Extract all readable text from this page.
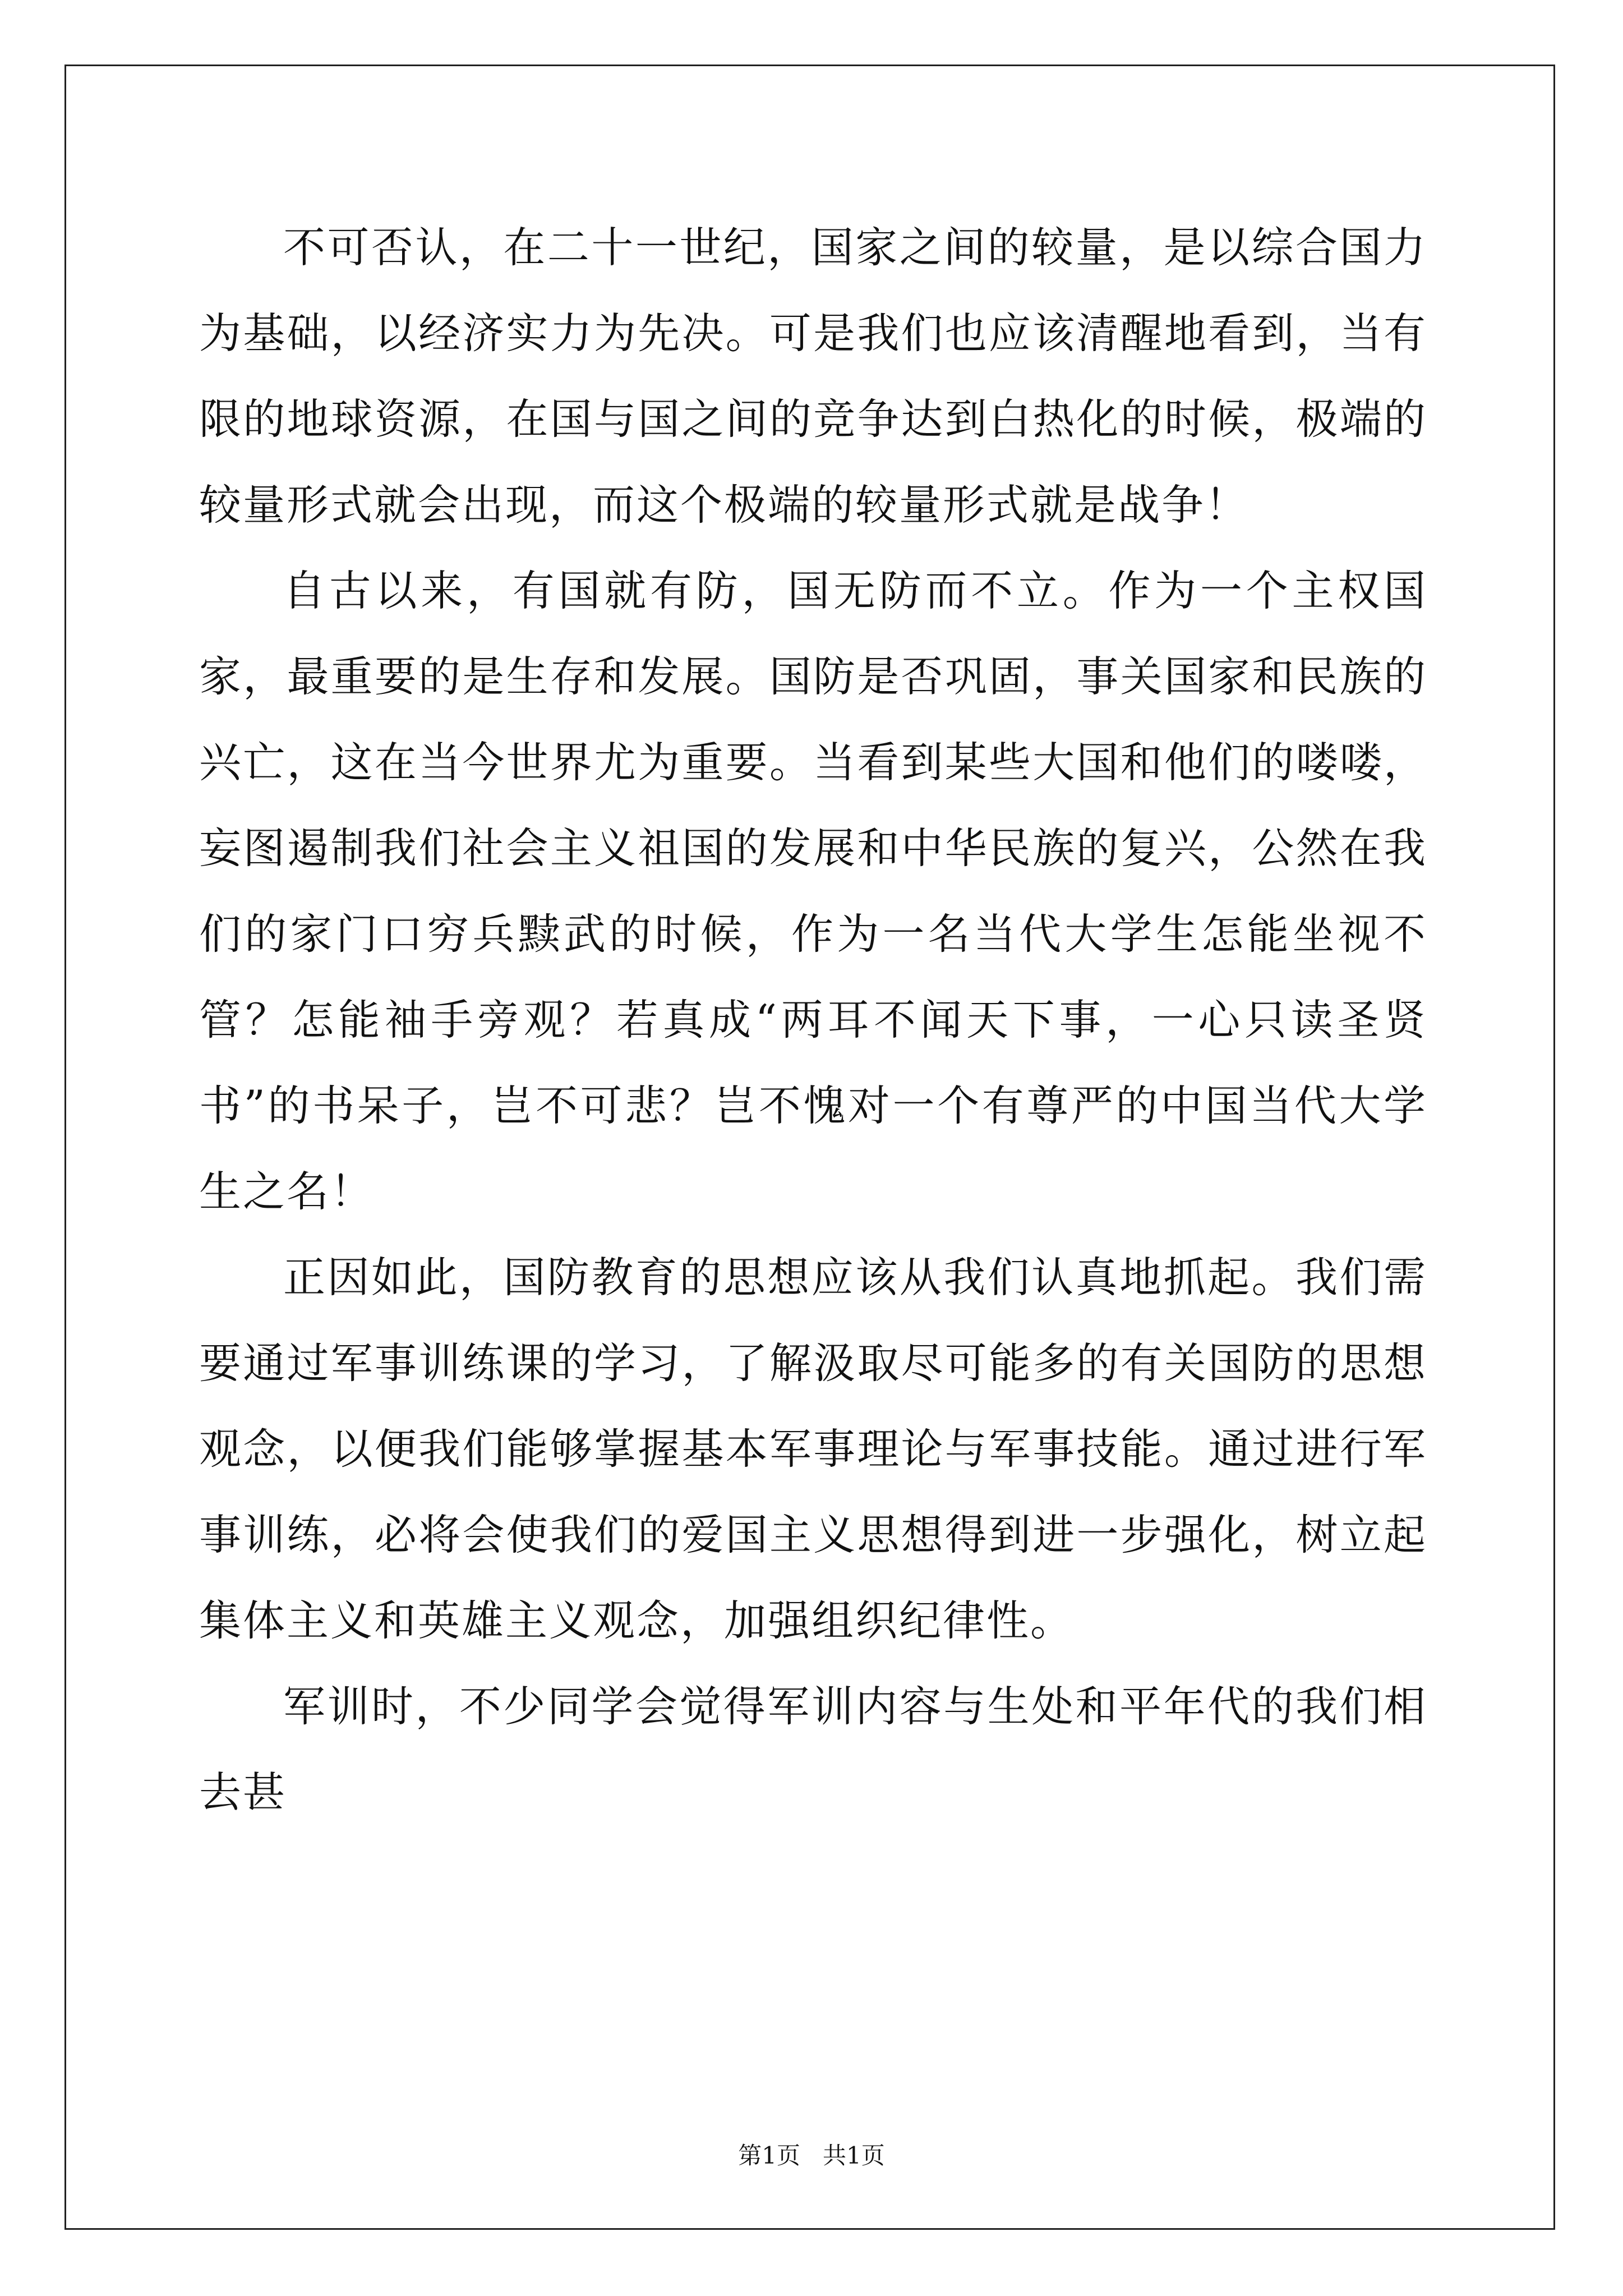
不可否认，在二十一世纪，国家之间的较量，是以综合国力为基础，以经济实力为先决。可是我们也应该清醒地看到，当有限的地球资源，在国与国之间的竞争达到白热化的时候，极端的较量形式就会出现，而这个极端的较量形式就是战争！

自古以来，有国就有防，国无防而不立。作为一个主权国家，最重要的是生存和发展。国防是否巩固，事关国家和民族的兴亡，这在当今世界尤为重要。当看到某些大国和他们的喽喽，妄图遏制我们社会主义祖国的发展和中华民族的复兴，公然在我们的家门口穷兵黩武的时候，作为一名当代大学生怎能坐视不管？怎能袖手旁观？若真成“两耳不闻天下事，一心只读圣贤书”的书呆子，岂不可悲？岂不愧对一个有尊严的中国当代大学生之名！

正因如此，国防教育的思想应该从我们认真地抓起。我们需要通过军事训练课的学习，了解汲取尽可能多的有关国防的思想观念，以便我们能够掌握基本军事理论与军事技能。通过进行军事训练，必将会使我们的爱国主义思想得到进一步强化，树立起集体主义和英雄主义观念，加强组织纪律性。

军训时，不少同学会觉得军训内容与生处和平年代的我们相去甚

第1页   共1页
